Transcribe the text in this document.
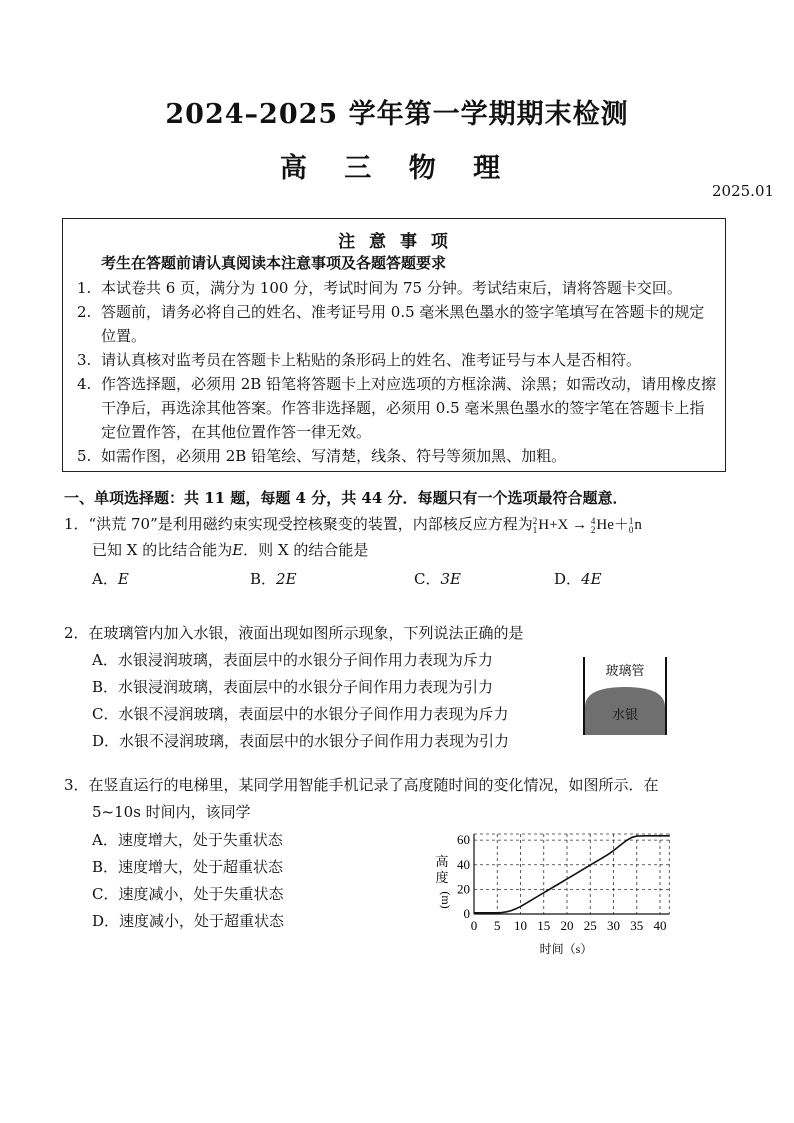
2024–2025 学年第一学期期末检测
高 三 物 理
2025.01
注 意 事 项
考生在答题前请认真阅读本注意事项及各题答题要求
1. 本试卷共 6 页，满分为 100 分，考试时间为 75 分钟。考试结束后，请将答题卡交回。
2. 答题前，请务必将自己的姓名、准考证号用 0.5 毫米黑色墨水的签字笔填写在答题卡的规定位置。
3. 请认真核对监考员在答题卡上粘贴的条形码上的姓名、准考证号与本人是否相符。
4. 作答选择题，必须用 2B 铅笔将答题卡上对应选项的方框涂满、涂黑；如需改动，请用橡皮擦干净后，再选涂其他答案。作答非选择题，必须用 0.5 毫米黑色墨水的签字笔在答题卡上指定位置作答，在其他位置作答一律无效。
5. 如需作图，必须用 2B 铅笔绘、写清楚，线条、符号等须加黑、加粗。
一、单项选择题：共 11 题，每题 4 分，共 44 分．每题只有一个选项最符合题意．
1．“洪荒 70”是利用磁约束实现受控核聚变的装置，内部核反应方程为 2
1 H+X → 4
2 He＋ 1
0 n
已知 X 的比结合能为E．则 X 的结合能是
A．E	B．2E	C．3E	D．4E
2．在玻璃管内加入水银，液面出现如图所示现象，下列说法正确的是
A．水银浸润玻璃，表面层中的水银分子间作用力表现为斥力
B．水银浸润玻璃，表面层中的水银分子间作用力表现为引力
C．水银不浸润玻璃，表面层中的水银分子间作用力表现为斥力
D．水银不浸润玻璃，表面层中的水银分子间作用力表现为引力
玻璃管
水银
3．在竖直运行的电梯里，某同学用智能手机记录了高度随时间的变化情况，如图所示．在
5~10s 时间内，该同学
A．速度增大，处于失重状态
B．速度增大，处于超重状态
C．速度减小，处于失重状态
D．速度减小，处于超重状态	0 5 10 15 20 25 30 35 40
0
20
40
60
高
度
(m)
时间（s）
